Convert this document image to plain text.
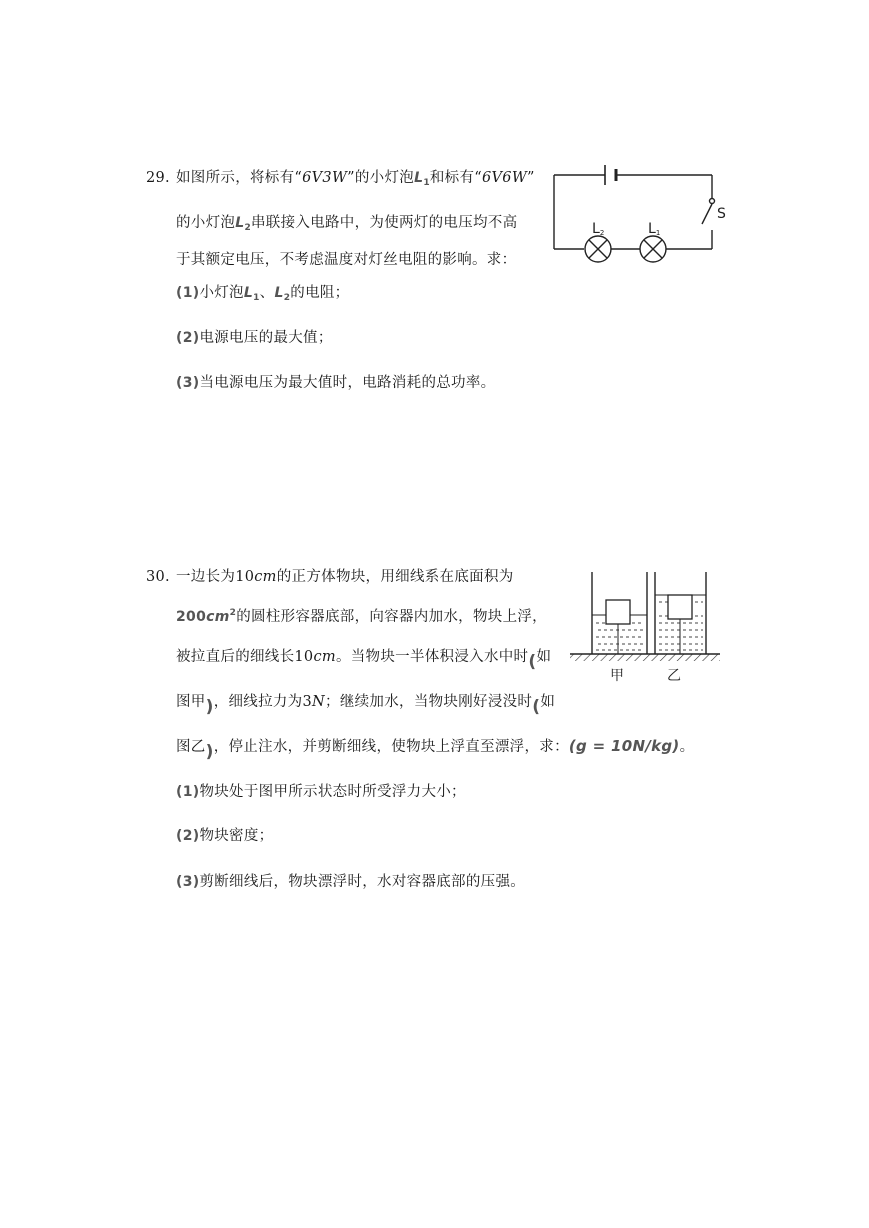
29. 如图所示，将标有“6V3W”的小灯泡$L_1$和标有“6V6W”
的小灯泡$L_2$串联接入电路中，为使两灯的电压均不高
于其额定电压，不考虑温度对灯丝电阻的影响。求：
(1)小灯泡$L_1$、$L_2$的电阻；
(2)电源电压的最大值；
(3)当电源电压为最大值时，电路消耗的总功率。
S
L2	L1
30. 一边长为10cm的正方体物块，用细线系在底面积为
$200cm^2$的圆柱形容器底部，向容器内加水，物块上浮，
被拉直后的细线长10cm。当物块一半体积浸入水中时(如
图甲)，细线拉力为3N；继续加水，当物块刚好浸没时(如
图乙)，停止注水，并剪断细线，使物块上浮直至漂浮，求：(g = 10N/kg)。
(1)物块处于图甲所示状态时所受浮力大小；
(2)物块密度；
(3)剪断细线后，物块漂浮时，水对容器底部的压强。
甲	乙
